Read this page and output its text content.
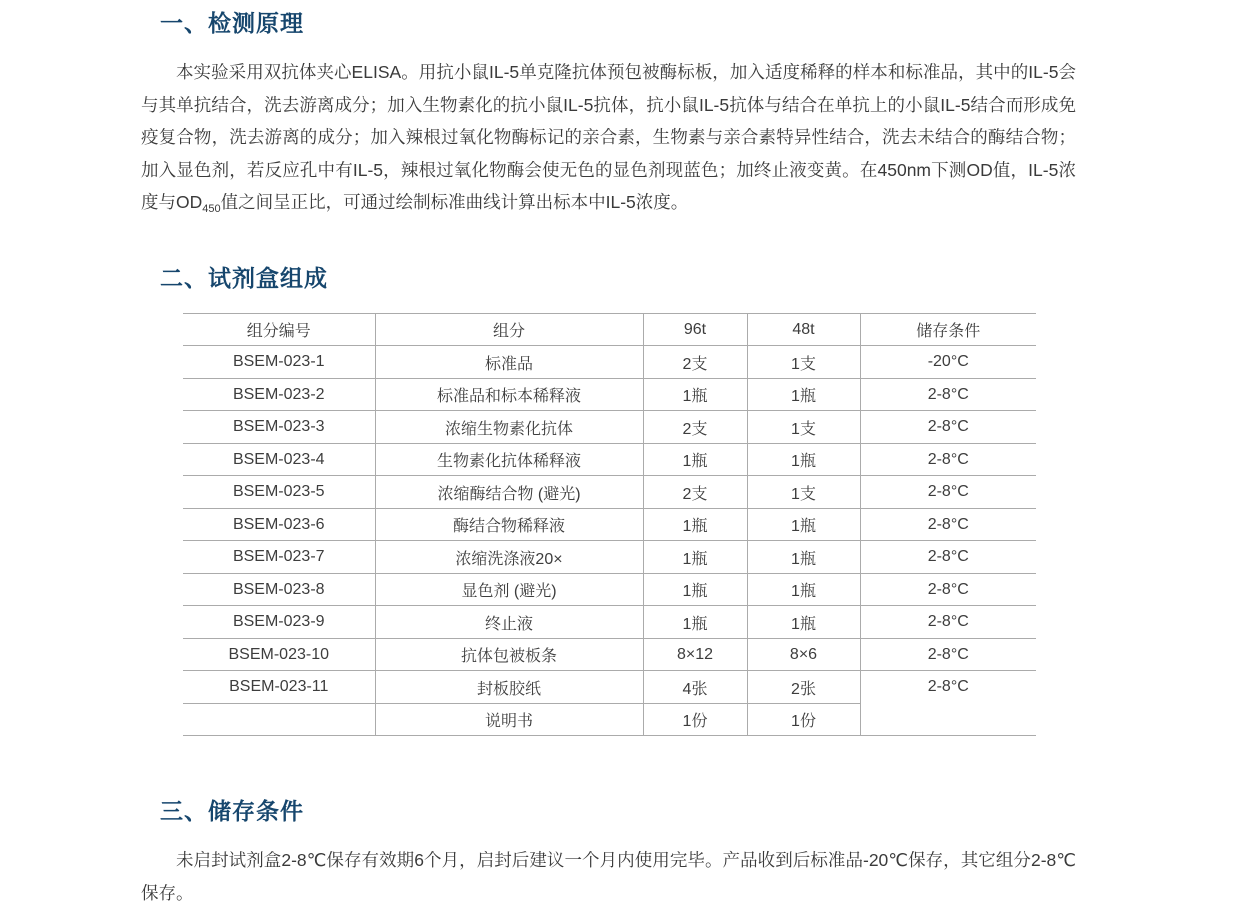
一、检测原理

本实验采用双抗体夹心ELISA。用抗小鼠IL-5单克隆抗体预包被酶标板，加入适度稀释的样本和标准品，其中的IL-5会与其单抗结合，洗去游离成分；加入生物素化的抗小鼠IL-5抗体，抗小鼠IL-5抗体与结合在单抗上的小鼠IL-5结合而形成免疫复合物，洗去游离的成分；加入辣根过氧化物酶标记的亲合素，生物素与亲合素特异性结合，洗去未结合的酶结合物；加入显色剂，若反应孔中有IL-5，辣根过氧化物酶会使无色的显色剂现蓝色；加终止液变黄。在450nm下测OD值，IL-5浓度与$OD_{450}$值之间呈正比，可通过绘制标准曲线计算出标本中IL-5浓度。

二、试剂盒组成
组分编号	组分	96t	48t	储存条件
BSEM-023-1	标准品	2支	1支	-20°C
BSEM-023-2	标准品和标本稀释液	1瓶	1瓶	2-8°C
BSEM-023-3	浓缩生物素化抗体	2支	1支	2-8°C
BSEM-023-4	生物素化抗体稀释液	1瓶	1瓶	2-8°C
BSEM-023-5	浓缩酶结合物 (避光)	2支	1支	2-8°C
BSEM-023-6	酶结合物稀释液	1瓶	1瓶	2-8°C
BSEM-023-7	浓缩洗涤液20×	1瓶	1瓶	2-8°C
BSEM-023-8	显色剂 (避光)	1瓶	1瓶	2-8°C
BSEM-023-9	终止液	1瓶	1瓶	2-8°C
BSEM-023-10	抗体包被板条	8×12	8×6	2-8°C
BSEM-023-11	封板胶纸	4张	2张	2-8°C
	说明书	1份	1份	
三、储存条件

未启封试剂盒2-8℃保存有效期6个月，启封后建议一个月内使用完毕。产品收到后标准品-20℃保存，其它组分2-8℃保存。
